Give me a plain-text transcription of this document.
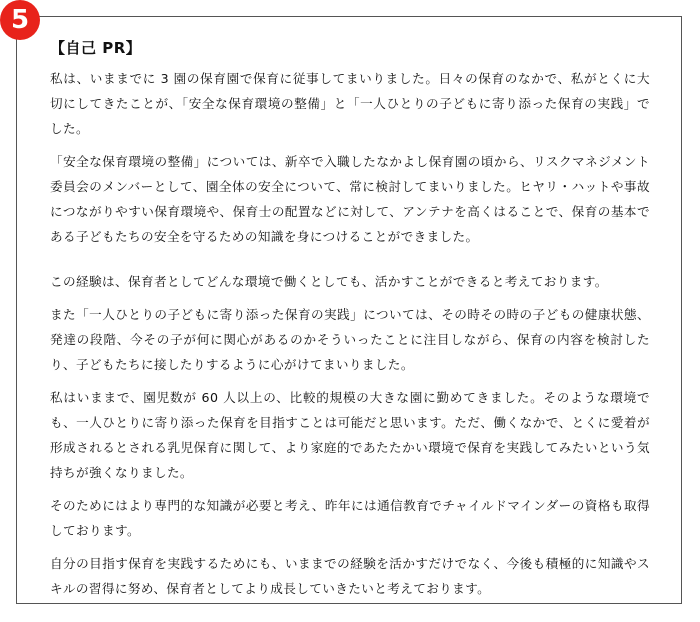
5
【自己 PR】

私は、いままでに 3 園の保育園で保育に従事してまいりました。日々の保育のなかで、私がとくに大切にしてきたことが、「安全な保育環境の整備」と「一人ひとりの子どもに寄り添った保育の実践」でした。

「安全な保育環境の整備」については、新卒で入職したなかよし保育園の頃から、リスクマネジメント委員会のメンバーとして、園全体の安全について、常に検討してまいりました。ヒヤリ・ハットや事故につながりやすい保育環境や、保育士の配置などに対して、アンテナを高くはることで、保育の基本である子どもたちの安全を守るための知識を身につけることができました。

この経験は、保育者としてどんな環境で働くとしても、活かすことができると考えております。

また「一人ひとりの子どもに寄り添った保育の実践」については、その時その時の子どもの健康状態、発達の段階、今その子が何に関心があるのかそういったことに注目しながら、保育の内容を検討したり、子どもたちに接したりするように心がけてまいりました。

私はいままで、園児数が 60 人以上の、比較的規模の大きな園に勤めてきました。そのような環境でも、一人ひとりに寄り添った保育を目指すことは可能だと思います。ただ、働くなかで、とくに愛着が形成されるとされる乳児保育に関して、より家庭的であたたかい環境で保育を実践してみたいという気持ちが強くなりました。

そのためにはより専門的な知識が必要と考え、昨年には通信教育でチャイルドマインダーの資格も取得しております。

自分の目指す保育を実践するためにも、いままでの経験を活かすだけでなく、今後も積極的に知識やスキルの習得に努め、保育者としてより成長していきたいと考えております。
